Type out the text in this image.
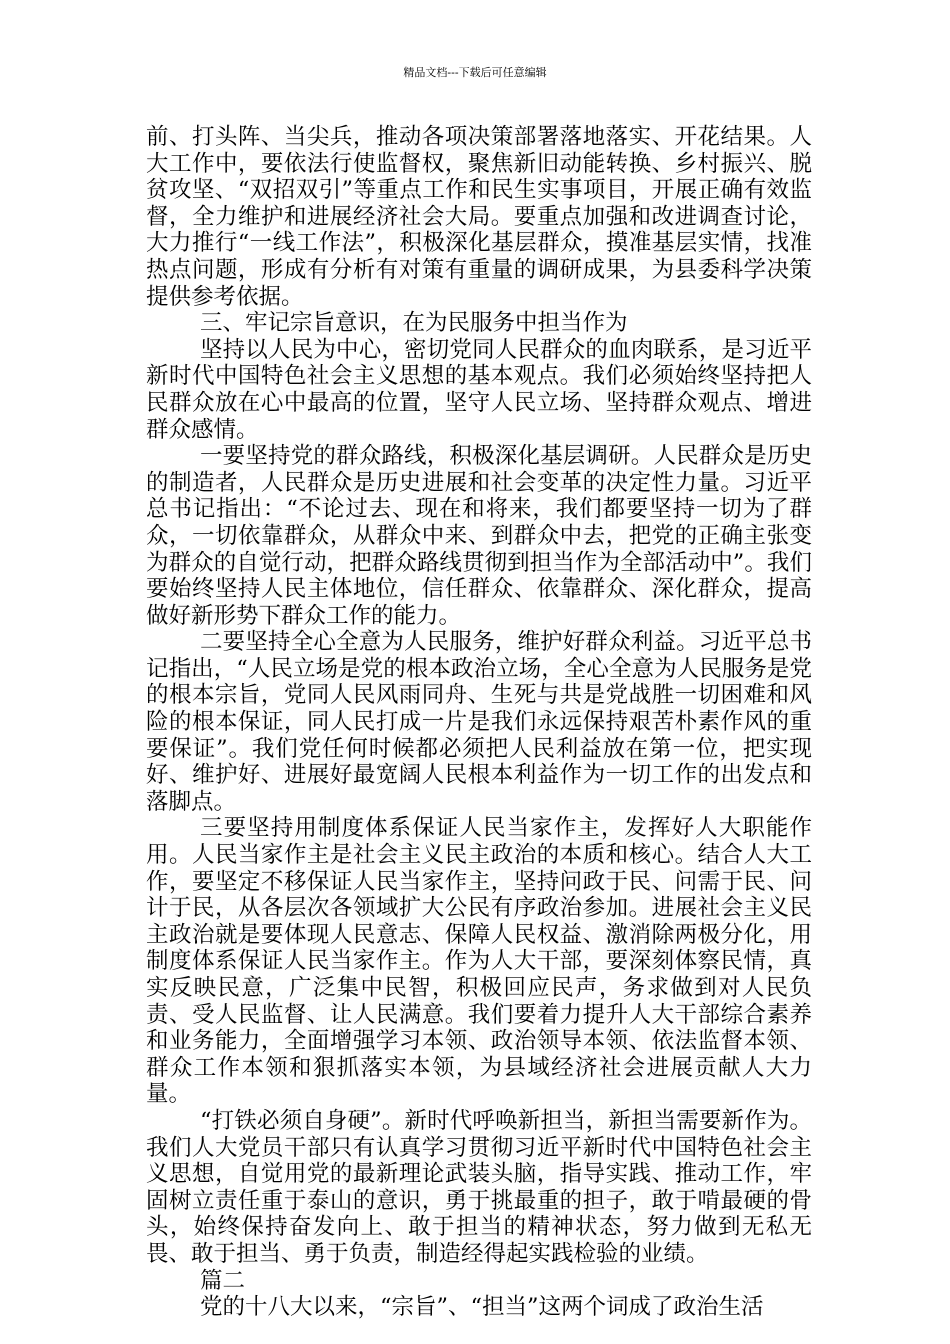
精品文档---下载后可任意编辑

前、打头阵、当尖兵，推动各项决策部署落地落实、开花结果。人大工作中，要依法行使监督权，聚焦新旧动能转换、乡村振兴、脱贫攻坚、“双招双引”等重点工作和民生实事项目，开展正确有效监督，全力维护和进展经济社会大局。要重点加强和改进调查讨论，大力推行“一线工作法”，积极深化基层群众，摸准基层实情，找准热点问题，形成有分析有对策有重量的调研成果，为县委科学决策提供参考依据。

三、牢记宗旨意识，在为民服务中担当作为

坚持以人民为中心，密切党同人民群众的血肉联系，是习近平新时代中国特色社会主义思想的基本观点。我们必须始终坚持把人民群众放在心中最高的位置，坚守人民立场、坚持群众观点、增进群众感情。

一要坚持党的群众路线，积极深化基层调研。人民群众是历史的制造者，人民群众是历史进展和社会变革的决定性力量。习近平总书记指出：“不论过去、现在和将来，我们都要坚持一切为了群众，一切依靠群众，从群众中来、到群众中去，把党的正确主张变为群众的自觉行动，把群众路线贯彻到担当作为全部活动中”。我们要始终坚持人民主体地位，信任群众、依靠群众、深化群众，提高做好新形势下群众工作的能力。

二要坚持全心全意为人民服务，维护好群众利益。习近平总书记指出，“人民立场是党的根本政治立场，全心全意为人民服务是党的根本宗旨，党同人民风雨同舟、生死与共是党战胜一切困难和风险的根本保证，同人民打成一片是我们永远保持艰苦朴素作风的重要保证”。我们党任何时候都必须把人民利益放在第一位，把实现好、维护好、进展好最宽阔人民根本利益作为一切工作的出发点和落脚点。

三要坚持用制度体系保证人民当家作主，发挥好人大职能作用。人民当家作主是社会主义民主政治的本质和核心。结合人大工作，要坚定不移保证人民当家作主，坚持问政于民、问需于民、问计于民，从各层次各领域扩大公民有序政治参加。进展社会主义民主政治就是要体现人民意志、保障人民权益、激消除两极分化，用制度体系保证人民当家作主。作为人大干部，要深刻体察民情，真实反映民意，广泛集中民智，积极回应民声，务求做到对人民负责、受人民监督、让人民满意。我们要着力提升人大干部综合素养和业务能力，全面增强学习本领、政治领导本领、依法监督本领、群众工作本领和狠抓落实本领，为县域经济社会进展贡献人大力量。

“打铁必须自身硬”。新时代呼唤新担当，新担当需要新作为。我们人大党员干部只有认真学习贯彻习近平新时代中国特色社会主义思想，自觉用党的最新理论武装头脑，指导实践、推动工作，牢固树立责任重于泰山的意识，勇于挑最重的担子，敢于啃最硬的骨头，始终保持奋发向上、敢于担当的精神状态，努力做到无私无畏、敢于担当、勇于负责，制造经得起实践检验的业绩。

篇二

党的十八大以来，“宗旨”、“担当”这两个词成了政治生活
